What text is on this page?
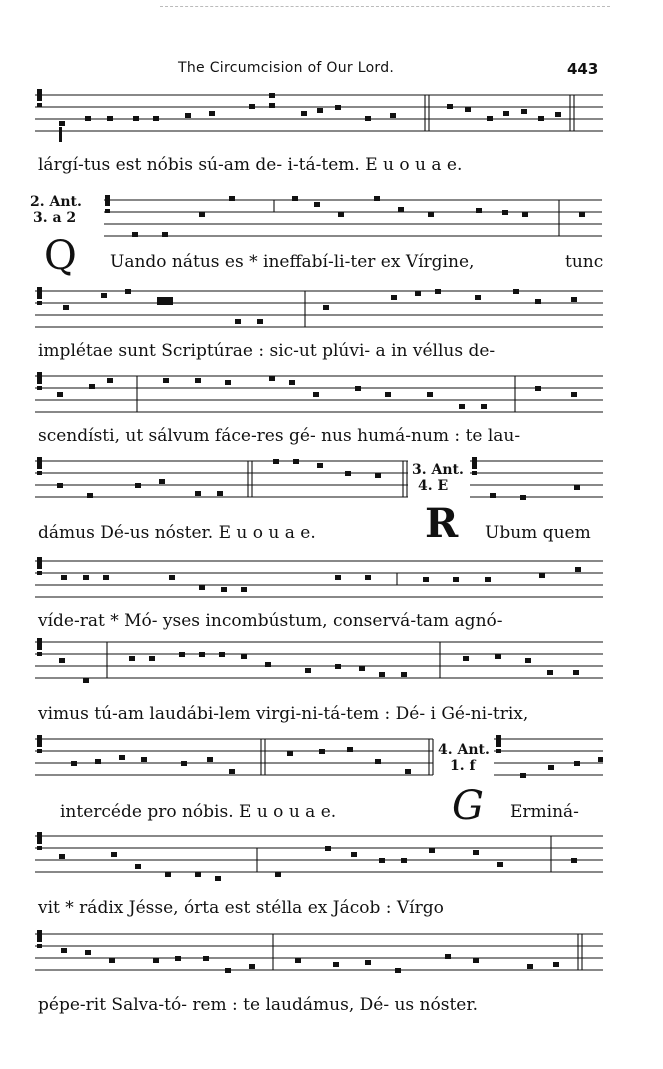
The Circumcision of Our Lord.	443
lárgí-tus est nóbis sú-am de- i-tá-tem. E u o u a e.
2. Ant.
3. a 2
Q Uando nátus es * ineffabí-li-ter ex Vírgine,	tunc
implétae sunt Scriptúrae : sic-ut plúvi- a in véllus de-
scendísti, ut sálvum fáce-res gé- nus humá-num : te lau-
3. Ant.
4. E
dámus Dé-us nóster. E u o u a e.	R Ubum quem
víde-rat * Mó- yses incombústum, conservá-tam agnó-
vimus tú-am laudábi-lem virgi-ni-tá-tem : Dé- i Gé-ni-trix,
4. Ant.
1. f
intercéde pro nóbis. E u o u a e.	G Erminá-
vit * rádix Jésse, órta est stélla ex Jácob : Vírgo
pépe-rit Salva-tó- rem : te laudámus, Dé- us nóster.
